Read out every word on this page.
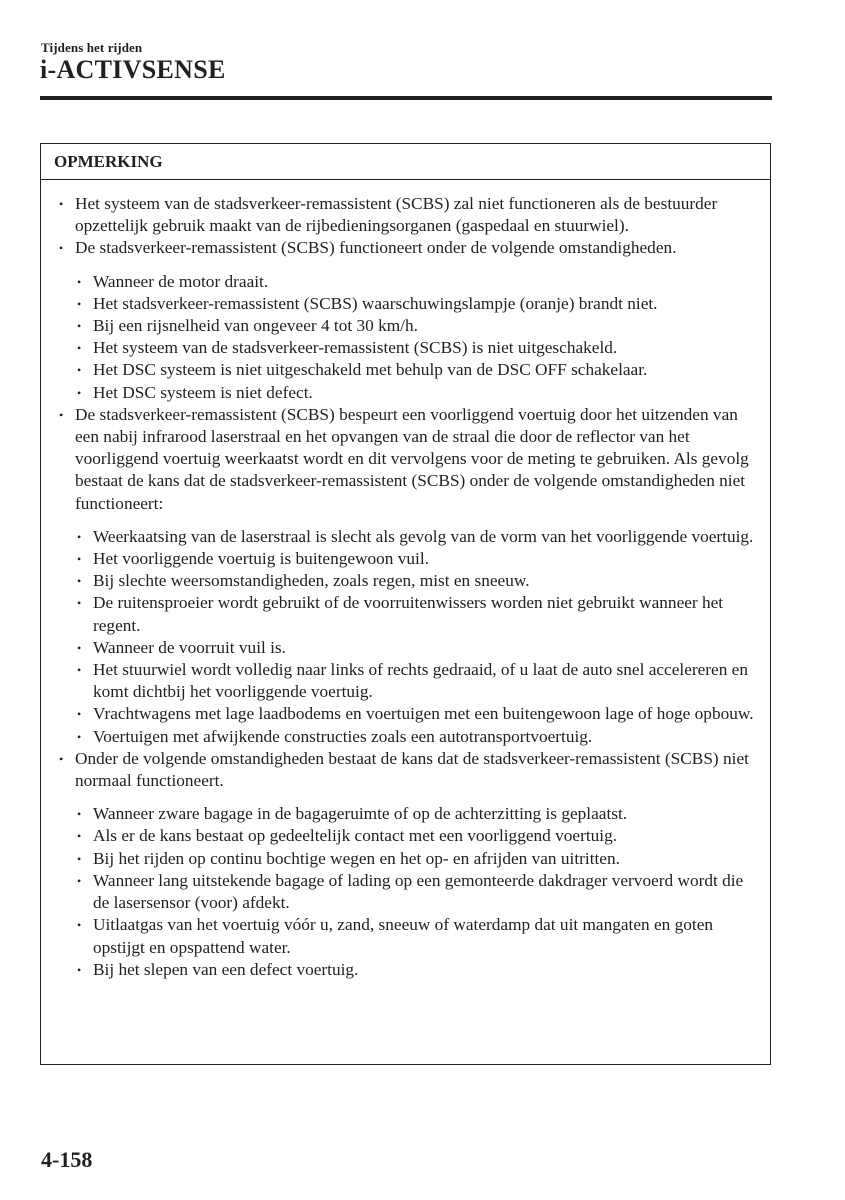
Tijdens het rijden
i-ACTIVSENSE
OPMERKING
• Het systeem van de stadsverkeer-remassistent (SCBS) zal niet functioneren als de bestuurder opzettelijk gebruik maakt van de rijbedieningsorganen (gaspedaal en stuurwiel).
• De stadsverkeer-remassistent (SCBS) functioneert onder de volgende omstandigheden.
• Wanneer de motor draait.
• Het stadsverkeer-remassistent (SCBS) waarschuwingslampje (oranje) brandt niet.
• Bij een rijsnelheid van ongeveer 4 tot 30 km/h.
• Het systeem van de stadsverkeer-remassistent (SCBS) is niet uitgeschakeld.
• Het DSC systeem is niet uitgeschakeld met behulp van de DSC OFF schakelaar.
• Het DSC systeem is niet defect.
• De stadsverkeer-remassistent (SCBS) bespeurt een voorliggend voertuig door het uitzenden van een nabij infrarood laserstraal en het opvangen van de straal die door de reflector van het voorliggend voertuig weerkaatst wordt en dit vervolgens voor de meting te gebruiken. Als gevolg bestaat de kans dat de stadsverkeer-remassistent (SCBS) onder de volgende omstandigheden niet functioneert:
• Weerkaatsing van de laserstraal is slecht als gevolg van de vorm van het voorliggende voertuig.
• Het voorliggende voertuig is buitengewoon vuil.
• Bij slechte weersomstandigheden, zoals regen, mist en sneeuw.
• De ruitensproeier wordt gebruikt of de voorruitenwissers worden niet gebruikt wanneer het regent.
• Wanneer de voorruit vuil is.
• Het stuurwiel wordt volledig naar links of rechts gedraaid, of u laat de auto snel accelereren en komt dichtbij het voorliggende voertuig.
• Vrachtwagens met lage laadbodems en voertuigen met een buitengewoon lage of hoge opbouw.
• Voertuigen met afwijkende constructies zoals een autotransportvoertuig.
• Onder de volgende omstandigheden bestaat de kans dat de stadsverkeer-remassistent (SCBS) niet normaal functioneert.
• Wanneer zware bagage in de bagageruimte of op de achterzitting is geplaatst.
• Als er de kans bestaat op gedeeltelijk contact met een voorliggend voertuig.
• Bij het rijden op continu bochtige wegen en het op- en afrijden van uitritten.
• Wanneer lang uitstekende bagage of lading op een gemonteerde dakdrager vervoerd wordt die de lasersensor (voor) afdekt.
• Uitlaatgas van het voertuig vóór u, zand, sneeuw of waterdamp dat uit mangaten en goten opstijgt en opspattend water.
• Bij het slepen van een defect voertuig.
4-158
